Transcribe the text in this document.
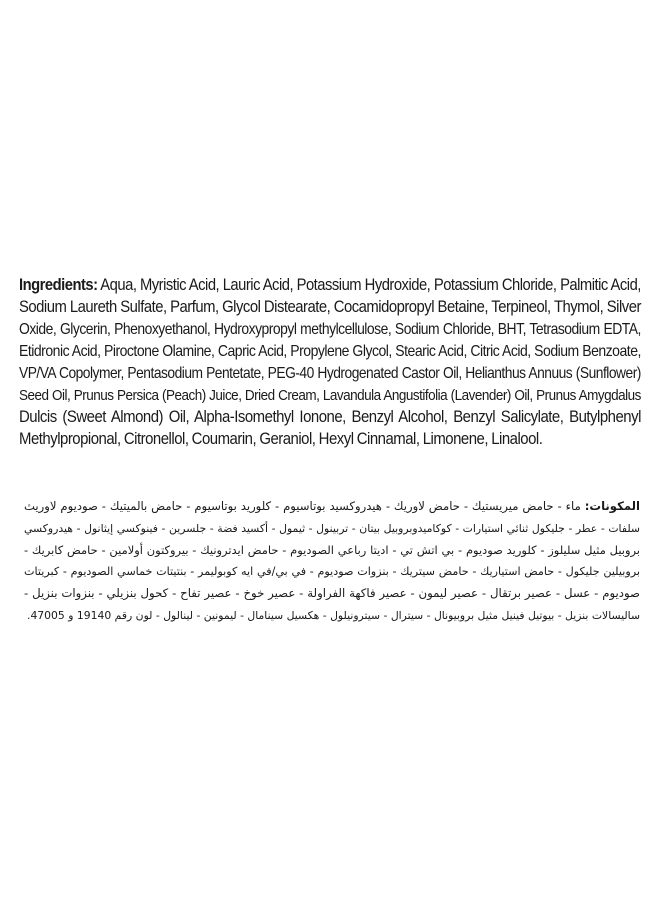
Ingredients: Aqua, Myristic Acid, Lauric Acid, Potassium Hydroxide, Potassium Chloride, Palmitic Acid,
Sodium Laureth Sulfate, Parfum, Glycol Distearate, Cocamidopropyl Betaine, Terpineol, Thymol, Silver
Oxide, Glycerin, Phenoxyethanol, Hydroxypropyl methylcellulose, Sodium Chloride, BHT, Tetrasodium EDTA,
Etidronic Acid, Piroctone Olamine, Capric Acid, Propylene Glycol, Stearic Acid, Citric Acid, Sodium Benzoate,
VP/VA Copolymer, Pentasodium Pentetate, PEG-40 Hydrogenated Castor Oil, Helianthus Annuus (Sunflower)
Seed Oil, Prunus Persica (Peach) Juice, Dried Cream, Lavandula Angustifolia (Lavender) Oil, Prunus Amygdalus
Dulcis (Sweet Almond) Oil, Alpha-Isomethyl Ionone, Benzyl Alcohol, Benzyl Salicylate, Butylphenyl
Methylpropional, Citronellol, Coumarin, Geraniol, Hexyl Cinnamal, Limonene, Linalool.
المكونات: ماء - حامض ميريستيك - حامض لاوريك - هيدروكسيد بوتاسيوم - كلوريد بوتاسيوم - حامض بالميتيك - صوديوم لاوريث
سلفات - عطر - جليكول ثنائي استيارات - كوكاميدوبروبيل بيتان - تربينول - ثيمول - أكسيد فضة - جلسرين - فينوكسي إيثانول - هيدروكسي
بروبيل مثيل سليلوز - كلوريد صوديوم - بي اتش تي - اديتا رباعي الصوديوم - حامض ايدترونيك - بيروكتون أولامين - حامض كابريك -
بروبيلين جليكول - حامض استياريك - حامض سيتريك - بنزوات صوديوم - في بي/في ايه كوبوليمر - بنتيتات خماسي الصوديوم - كبريتات
صوديوم - عسل - عصير برتقال - عصير ليمون - عصير فاكهة الفراولة - عصير خوخ - عصير تفاح - كحول بنزيلي - بنزوات بنزيل -
ساليسالات بنزيل - بيوتيل فينيل مثيل بروبيونال - سيترال - سيترونيلول - هكسيل سينامال - ليمونين - لينالول - لون رقم 19140 و 47005.
